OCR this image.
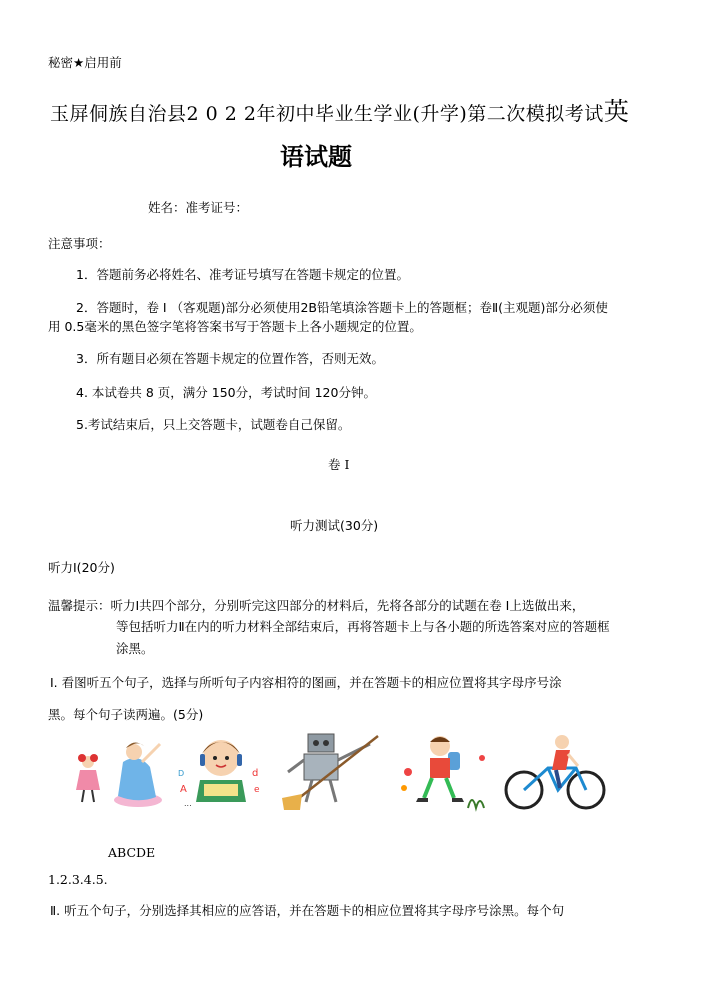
秘密★启用前
玉屏侗族自治县2 0 2 2年初中毕业生学业(升学)第二次模拟考试英
语试题
姓名：准考证号：
注意事项：
1．答题前务必将姓名、准考证号填写在答题卡规定的位置。
2．答题时，卷 Ⅰ （客观题)部分必须使用2B铅笔填涂答题卡上的答题框；卷Ⅱ(主观题)部分必须使
用 0.5毫米的黑色签字笔将答案书写于答题卡上各小题规定的位置。
3．所有题目必须在答题卡规定的位置作答，否则无效。
4. 本试卷共 8 页，满分 150分，考试时间 120分钟。
5.考试结束后，只上交答题卡，试题卷自己保留。
卷 Ⅰ
听力测试(30分)
听力I(20分)
温馨提示：听力Ⅰ共四个部分，分别听完这四部分的材料后，先将各部分的试题在卷 Ⅰ上选做出来，
等包括听力Ⅱ在内的听力材料全部结束后，再将答题卡上与各小题的所选答案对应的答题框
涂黑。
Ⅰ. 看图听五个句子，选择与所听句子内容相符的图画，并在答题卡的相应位置将其字母序号涂
黑。每个句子读两遍。(5分)
A
...
d
e
D
ABCDE
1.2.3.4.5.
Ⅱ. 听五个句子，分别选择其相应的应答语，并在答题卡的相应位置将其字母序号涂黑。每个句
